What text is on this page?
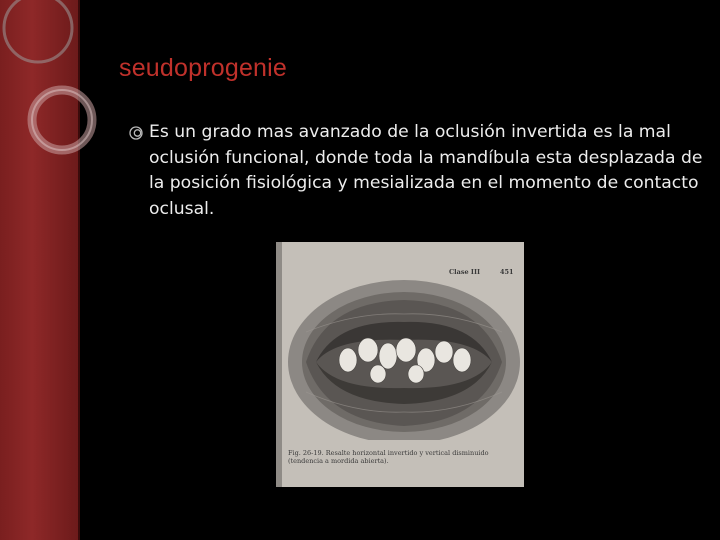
seudoprogenie
Es un grado mas avanzado de la oclusión invertida es la mal oclusión funcional, donde toda la mandíbula esta desplazada de la posición fisiológica y mesializada en el momento de contacto oclusal.
Clase III	451
Fig. 26-19. Resalte horizontal invertido y vertical disminuido (tendencia a mordida abierta).
